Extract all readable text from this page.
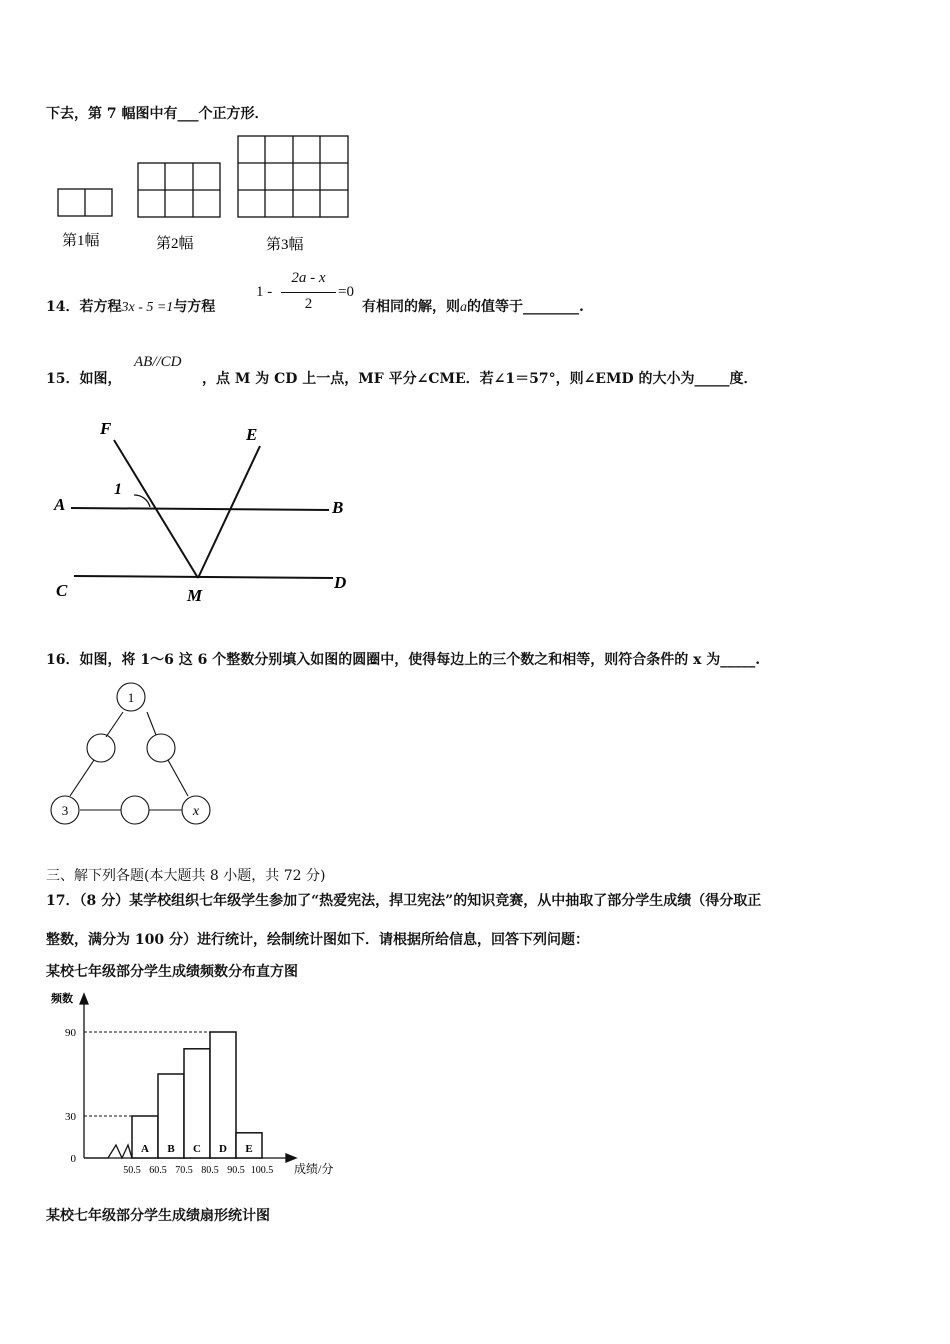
下去，第 7 幅图中有___个正方形．
第1幅	第2幅	第3幅
14．若方程3x - 5 =1与方程
1 -
2a - x
2
=0
有相同的解，则a的值等于________.
15．如图，
AB//CD
，点 M 为 CD 上一点，MF 平分∠CME．若∠1＝57°，则∠EMD 的大小为_____度．
F	E
A	B
C	D
M
1
16．如图，将 1～6 这 6 个整数分别填入如图的圆圈中，使得每边上的三个数之和相等，则符合条件的 x 为_____.
1
3	x
三、解下列各题(本大题共 8 小题，共 72 分)
17．（8 分）某学校组织七年级学生参加了“热爱宪法，捍卫宪法”的知识竞赛，从中抽取了部分学生成绩（得分取正
整数，满分为 100 分）进行统计，绘制统计图如下．请根据所给信息，回答下列问题：
某校七年级部分学生成绩频数分布直方图
频数
成绩/分
A B C D E
0
30
90
50.5 60.5 70.5 80.5 90.5 100.5
某校七年级部分学生成绩扇形统计图
